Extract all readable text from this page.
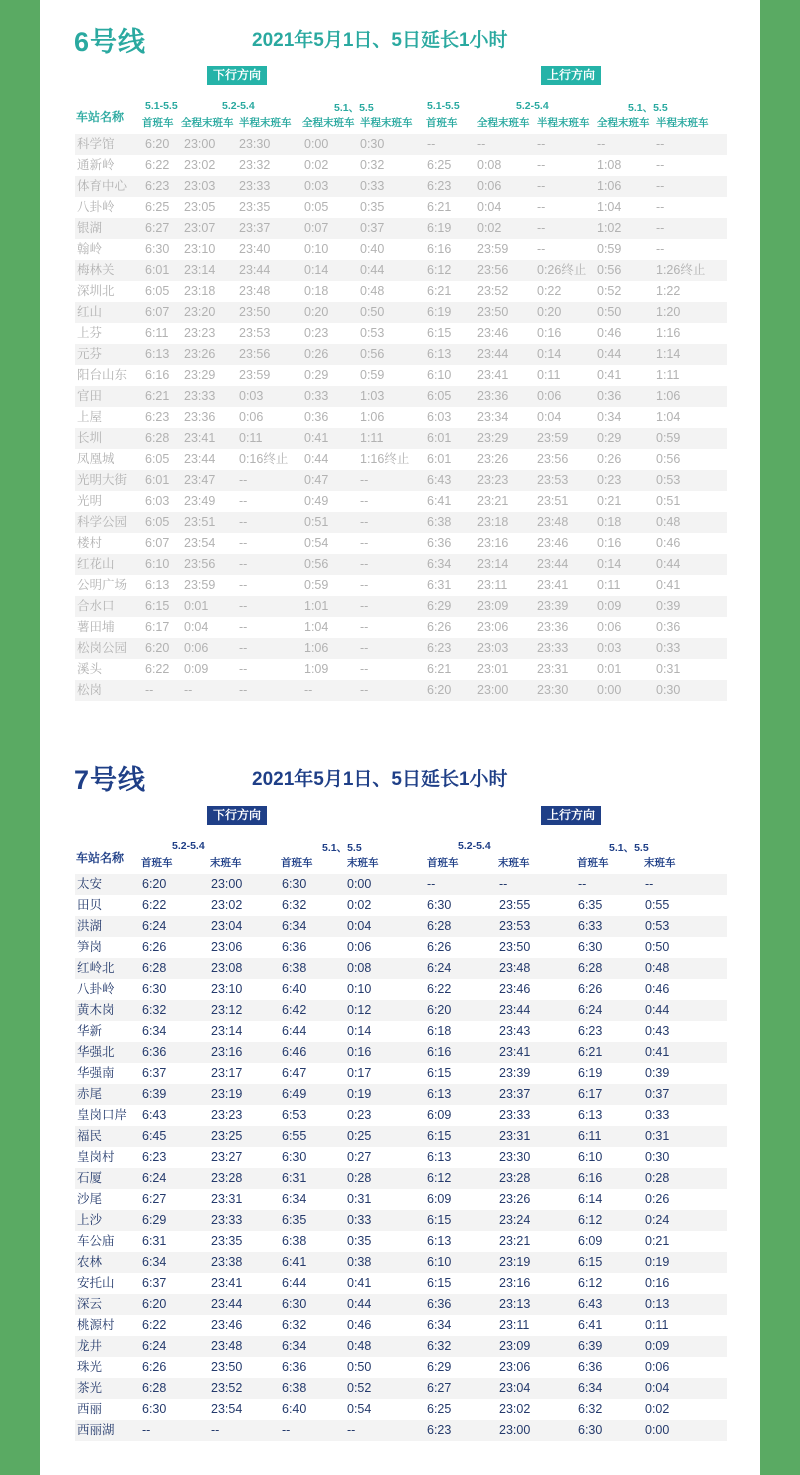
6号线	2021年5月1日、5日延长1小时
下行方向	上行方向
车站名称
5.1-5.5	5.2-5.4	5.1、5.5	5.1-5.5	5.2-5.4	5.1、5.5
首班车 全程末班车 半程末班车 全程末班车 半程末班车 首班车 全程末班车 半程末班车 全程末班车 半程末班车
科学馆 6:20 23:00 23:30	0:00	0:30	--	--	--	--	--
通新岭 6:22 23:02 23:32	0:02	0:32	6:25 0:08	--	1:08	--
体育中心 6:23 23:03 23:33	0:03	0:33	6:23 0:06	--	1:06	--
八卦岭 6:25 23:05 23:35	0:05	0:35	6:21 0:04	--	1:04	--
银湖	6:27 23:07 23:37	0:07	0:37	6:19 0:02	--	1:02	--
翰岭	6:30 23:10 23:40	0:10	0:40	6:16 23:59 --	0:59	--
梅林关 6:01 23:14 23:44	0:14	0:44	6:12 23:56 0:26终止 0:56	1:26终止
深圳北 6:05 23:18 23:48	0:18	0:48	6:21 23:52 0:22	0:52	1:22
红山	6:07 23:20 23:50	0:20	0:50	6:19 23:50 0:20	0:50	1:20
上芬	6:11 23:23 23:53	0:23	0:53	6:15 23:46 0:16	0:46	1:16
元芬	6:13 23:26 23:56	0:26	0:56	6:13 23:44 0:14	0:44	1:14
阳台山东 6:16 23:29 23:59	0:29	0:59	6:10 23:41 0:11	0:41	1:11
官田	6:21 23:33 0:03	0:33	1:03	6:05 23:36 0:06	0:36	1:06
上屋	6:23 23:36 0:06	0:36	1:06	6:03 23:34 0:04	0:34	1:04
长圳	6:28 23:41 0:11	0:41	1:11	6:01 23:29 23:59 0:29	0:59
凤凰城 6:05 23:44 0:16终止 0:44	1:16终止 6:01 23:26 23:56 0:26	0:56
光明大街 6:01 23:47 --	0:47	--	6:43 23:23 23:53 0:23	0:53
光明	6:03 23:49 --	0:49	--	6:41 23:21 23:51 0:21	0:51
科学公园 6:05 23:51 --	0:51	--	6:38 23:18 23:48 0:18	0:48
楼村	6:07 23:54 --	0:54	--	6:36 23:16 23:46 0:16	0:46
红花山 6:10 23:56 --	0:56	--	6:34 23:14 23:44 0:14	0:44
公明广场 6:13 23:59 --	0:59	--	6:31 23:11 23:41 0:11	0:41
合水口 6:15 0:01 --	1:01	--	6:29 23:09 23:39 0:09	0:39
薯田埔 6:17 0:04 --	1:04	--	6:26 23:06 23:36 0:06	0:36
松岗公园 6:20 0:06 --	1:06	--	6:23 23:03 23:33 0:03	0:33
溪头	6:22 0:09 --	1:09	--	6:21 23:01 23:31 0:01	0:31
松岗	-- --	--	--	--	6:20 23:00 23:30 0:00	0:30
7号线	2021年5月1日、5日延长1小时
下行方向	上行方向
车站名称
5.2-5.4	5.1、5.5	5.2-5.4	5.1、5.5
首班车	末班车	首班车	末班车	首班车	末班车	首班车	末班车
太安	6:20	23:00	6:30	0:00	--	--	--	--
田贝	6:22	23:02	6:32	0:02	6:30	23:55	6:35	0:55
洪湖	6:24	23:04	6:34	0:04	6:28	23:53	6:33	0:53
笋岗	6:26	23:06	6:36	0:06	6:26	23:50	6:30	0:50
红岭北 6:28	23:08	6:38	0:08	6:24	23:48	6:28	0:48
八卦岭 6:30	23:10	6:40	0:10	6:22	23:46	6:26	0:46
黄木岗 6:32	23:12	6:42	0:12	6:20	23:44	6:24	0:44
华新	6:34	23:14	6:44	0:14	6:18	23:43	6:23	0:43
华强北 6:36	23:16	6:46	0:16	6:16	23:41	6:21	0:41
华强南 6:37	23:17	6:47	0:17	6:15	23:39	6:19	0:39
赤尾	6:39	23:19	6:49	0:19	6:13	23:37	6:17	0:37
皇岗口岸 6:43	23:23	6:53	0:23	6:09	23:33	6:13	0:33
福民	6:45	23:25	6:55	0:25	6:15	23:31	6:11	0:31
皇岗村 6:23	23:27	6:30	0:27	6:13	23:30	6:10	0:30
石厦	6:24	23:28	6:31	0:28	6:12	23:28	6:16	0:28
沙尾	6:27	23:31	6:34	0:31	6:09	23:26	6:14	0:26
上沙	6:29	23:33	6:35	0:33	6:15	23:24	6:12	0:24
车公庙 6:31	23:35	6:38	0:35	6:13	23:21	6:09	0:21
农林	6:34	23:38	6:41	0:38	6:10	23:19	6:15	0:19
安托山 6:37	23:41	6:44	0:41	6:15	23:16	6:12	0:16
深云	6:20	23:44	6:30	0:44	6:36	23:13	6:43	0:13
桃源村 6:22	23:46	6:32	0:46	6:34	23:11	6:41	0:11
龙井	6:24	23:48	6:34	0:48	6:32	23:09	6:39	0:09
珠光	6:26	23:50	6:36	0:50	6:29	23:06	6:36	0:06
茶光	6:28	23:52	6:38	0:52	6:27	23:04	6:34	0:04
西丽	6:30	23:54	6:40	0:54	6:25	23:02	6:32	0:02
西丽湖 --	--	--	--	6:23	23:00	6:30	0:00
